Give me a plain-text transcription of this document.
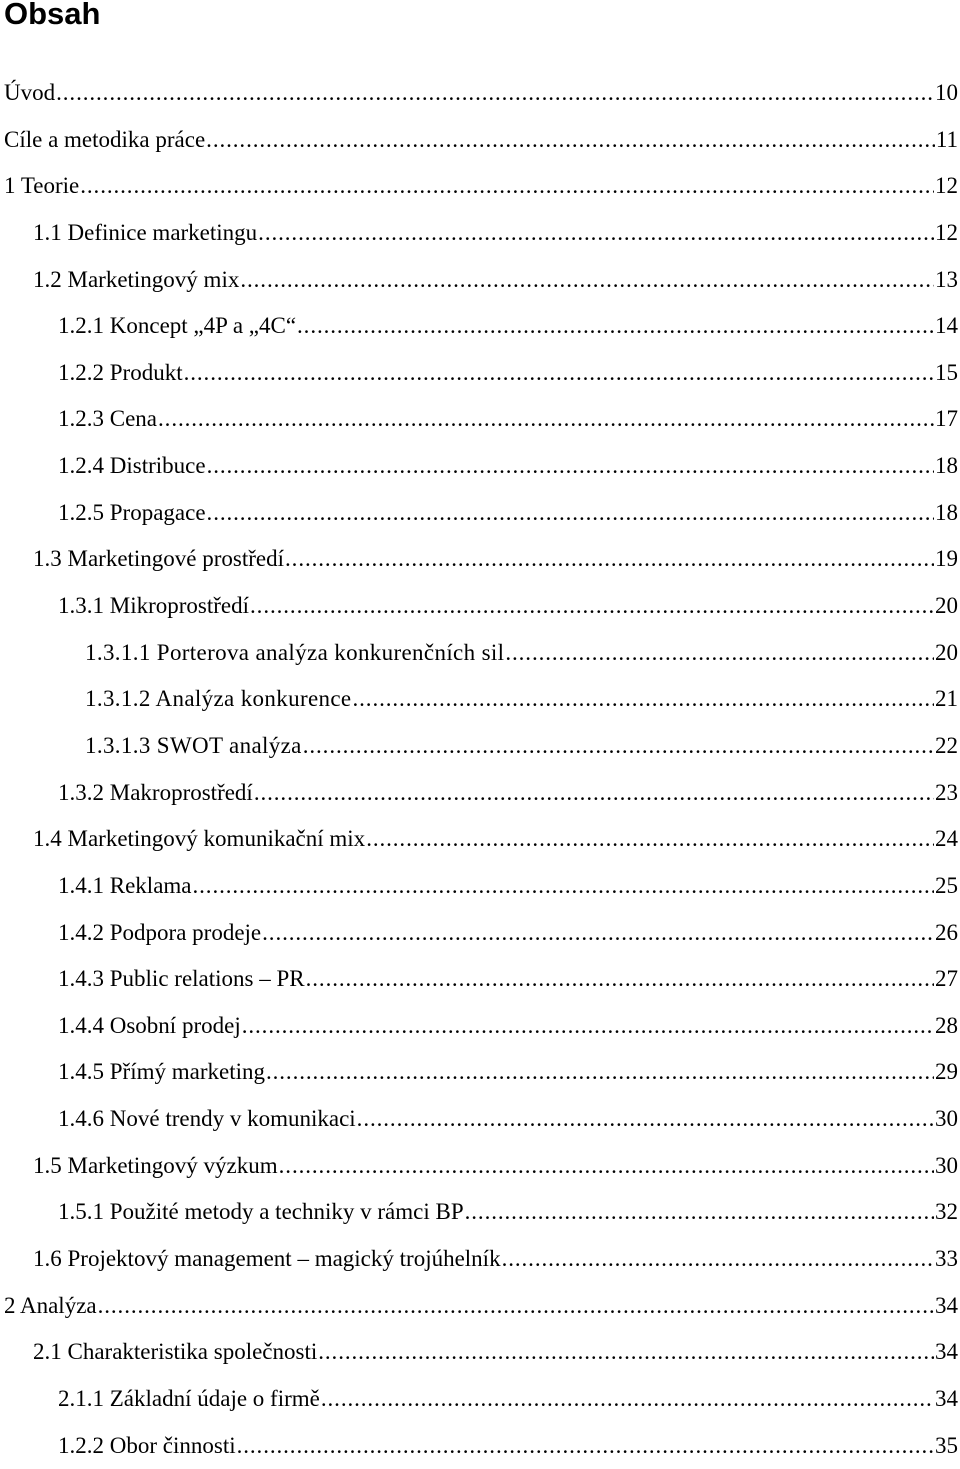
Obsah
Úvod .....	10
Cíle a metodika práce .....	11
1 Teorie .....	12
1.1 Definice marketingu .....	12
1.2 Marketingový mix .....	13
1.2.1 Koncept „4P a „4C“ .....	14
1.2.2 Produkt .....	15
1.2.3 Cena .....	17
1.2.4 Distribuce .....	18
1.2.5 Propagace .....	18
1.3 Marketingové prostředí .....	19
1.3.1 Mikroprostředí .....	20
1.3.1.1 Porterova analýza konkurenčních sil .....	20
1.3.1.2 Analýza konkurence .....	21
1.3.1.3 SWOT analýza .....	22
1.3.2 Makroprostředí .....	23
1.4 Marketingový komunikační mix .....	24
1.4.1 Reklama .....	25
1.4.2 Podpora prodeje .....	26
1.4.3 Public relations – PR .....	27
1.4.4 Osobní prodej .....	28
1.4.5 Přímý marketing .....	29
1.4.6 Nové trendy v komunikaci .....	30
1.5 Marketingový výzkum .....	30
1.5.1 Použité metody a techniky v rámci BP .....	32
1.6 Projektový management – magický trojúhelník .....	33
2 Analýza .....	34
2.1 Charakteristika společnosti .....	34
2.1.1 Základní údaje o firmě .....	34
1.2.2 Obor činnosti .....	35
